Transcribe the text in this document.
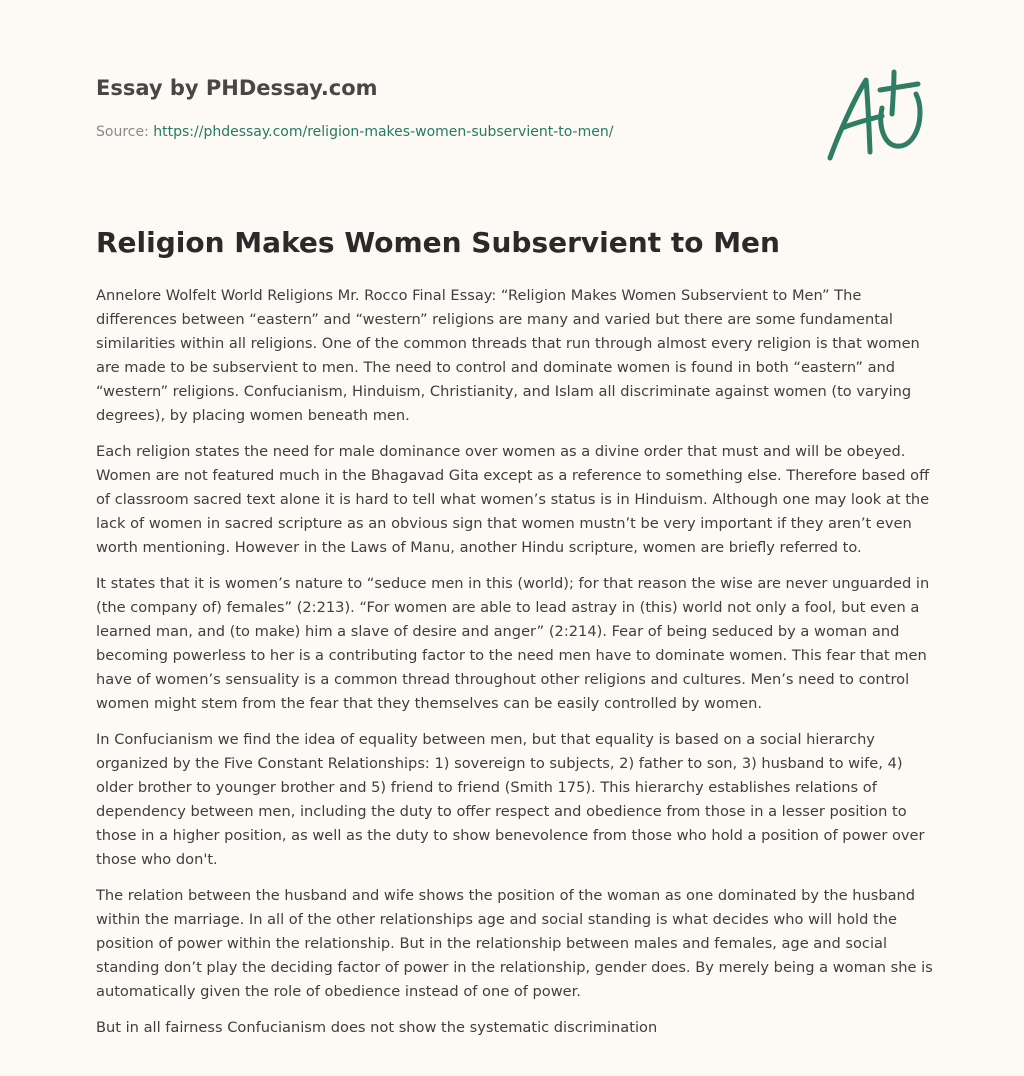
Essay by PHDessay.com
Source: https://phdessay.com/religion-makes-women-subservient-to-men/
Religion Makes Women Subservient to Men

Annelore Wolfelt World Religions Mr. Rocco Final Essay: “Religion Makes Women Subservient to Men” The differences between “eastern” and “western” religions are many and varied but there are some fundamental similarities within all religions. One of the common threads that run through almost every religion is that women are made to be subservient to men. The need to control and dominate women is found in both “eastern” and “western” religions. Confucianism, Hinduism, Christianity, and Islam all discriminate against women (to varying degrees), by placing women beneath men.

Each religion states the need for male dominance over women as a divine order that must and will be obeyed. Women are not featured much in the Bhagavad Gita except as a reference to something else. Therefore based off of classroom sacred text alone it is hard to tell what women’s status is in Hinduism. Although one may look at the lack of women in sacred scripture as an obvious sign that women mustn’t be very important if they aren’t even worth mentioning. However in the Laws of Manu, another Hindu scripture, women are briefly referred to.

It states that it is women’s nature to “seduce men in this (world); for that reason the wise are never unguarded in (the company of) females” (2:213). “For women are able to lead astray in (this) world not only a fool, but even a learned man, and (to make) him a slave of desire and anger” (2:214). Fear of being seduced by a woman and becoming powerless to her is a contributing factor to the need men have to dominate women. This fear that men have of women’s sensuality is a common thread throughout other religions and cultures. Men’s need to control women might stem from the fear that they themselves can be easily controlled by women.

In Confucianism we find the idea of equality between men, but that equality is based on a social hierarchy organized by the Five Constant Relationships: 1) sovereign to subjects, 2) father to son, 3) husband to wife, 4) older brother to younger brother and 5) friend to friend (Smith 175). This hierarchy establishes relations of dependency between men, including the duty to offer respect and obedience from those in a lesser position to those in a higher position, as well as the duty to show benevolence from those who hold a position of power over those who don't.

The relation between the husband and wife shows the position of the woman as one dominated by the husband within the marriage. In all of the other relationships age and social standing is what decides who will hold the position of power within the relationship. But in the relationship between males and females, age and social standing don’t play the deciding factor of power in the relationship, gender does. By merely being a woman she is automatically given the role of obedience instead of one of power.

But in all fairness Confucianism does not show the systematic discrimination
